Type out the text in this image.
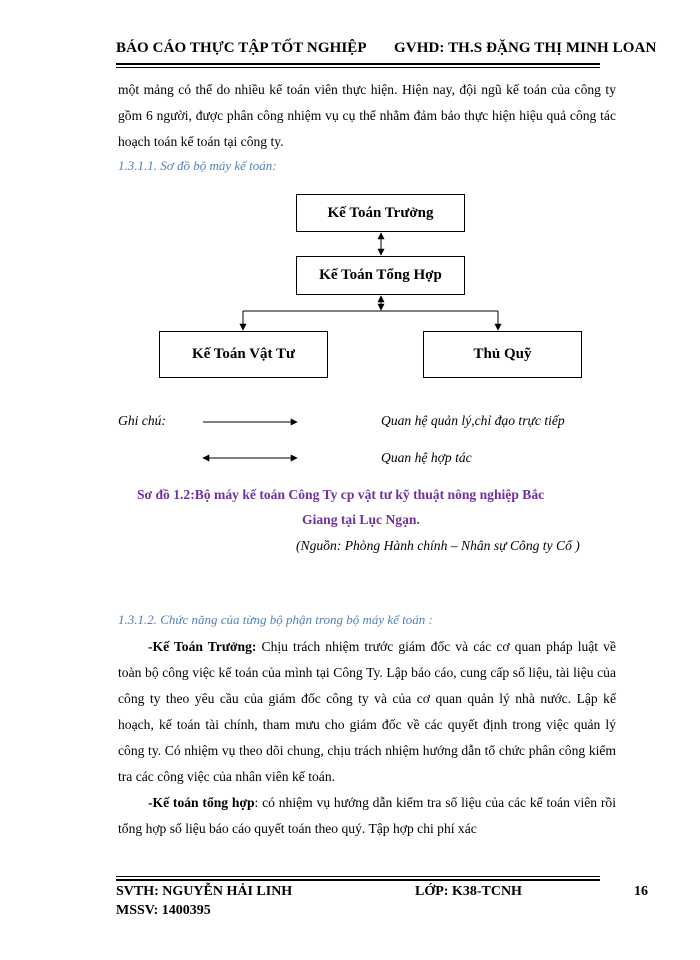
BÁO CÁO THỰC TẬP TỐT NGHIỆP GVHD: TH.S ĐẶNG THỊ MINH LOAN
một mảng có thể do nhiều kế toán viên thực hiện. Hiện nay, đội ngũ kế toán của công ty gồm 6 người, được phân công nhiệm vụ cụ thể nhằm đảm bảo thực hiện hiệu quả công tác hoạch toán kế toán tại công ty.
1.3.1.1. Sơ đồ bộ máy kế toán:
Kế Toán Trưởng
Kế Toán Tổng Hợp
Kế Toán Vật Tư	Thủ Quỹ
Ghi chú:	Quan hệ quản lý,chỉ đạo trực tiếp
Quan hệ hợp tác
Sơ đồ 1.2:Bộ máy kế toán Công Ty cp vật tư kỹ thuật nông nghiệp Bắc
Giang tại Lục Ngạn.
(Nguồn: Phòng Hành chính – Nhân sự Công ty Cổ )
1.3.1.2. Chức năng của từng bộ phận trong bộ máy kế toán :
-Kế Toán Trưởng: Chịu trách nhiệm trước giám đốc và các cơ quan pháp luật về toàn bộ công việc kế toán của mình tại Công Ty. Lập báo cáo, cung cấp số liệu, tài liệu của công ty theo yêu cầu của giám đốc công ty và của cơ quan quản lý nhà nước. Lập kế hoạch, kế toán tài chính, tham mưu cho giám đốc về các quyết định trong việc quản lý công ty. Có nhiệm vụ theo dõi chung, chịu trách nhiệm hướng dẫn tổ chức phân công kiểm tra các công việc của nhân viên kế toán.
-Kế toán tổng hợp: có nhiệm vụ hướng dẫn kiểm tra số liệu của các kế toán viên rồi tổng hợp số liệu báo cáo quyết toán theo quý. Tập hợp chi phí xác
SVTH: NGUYỄN HẢI LINH	LỚP: K38-TCNH	16
MSSV: 1400395
